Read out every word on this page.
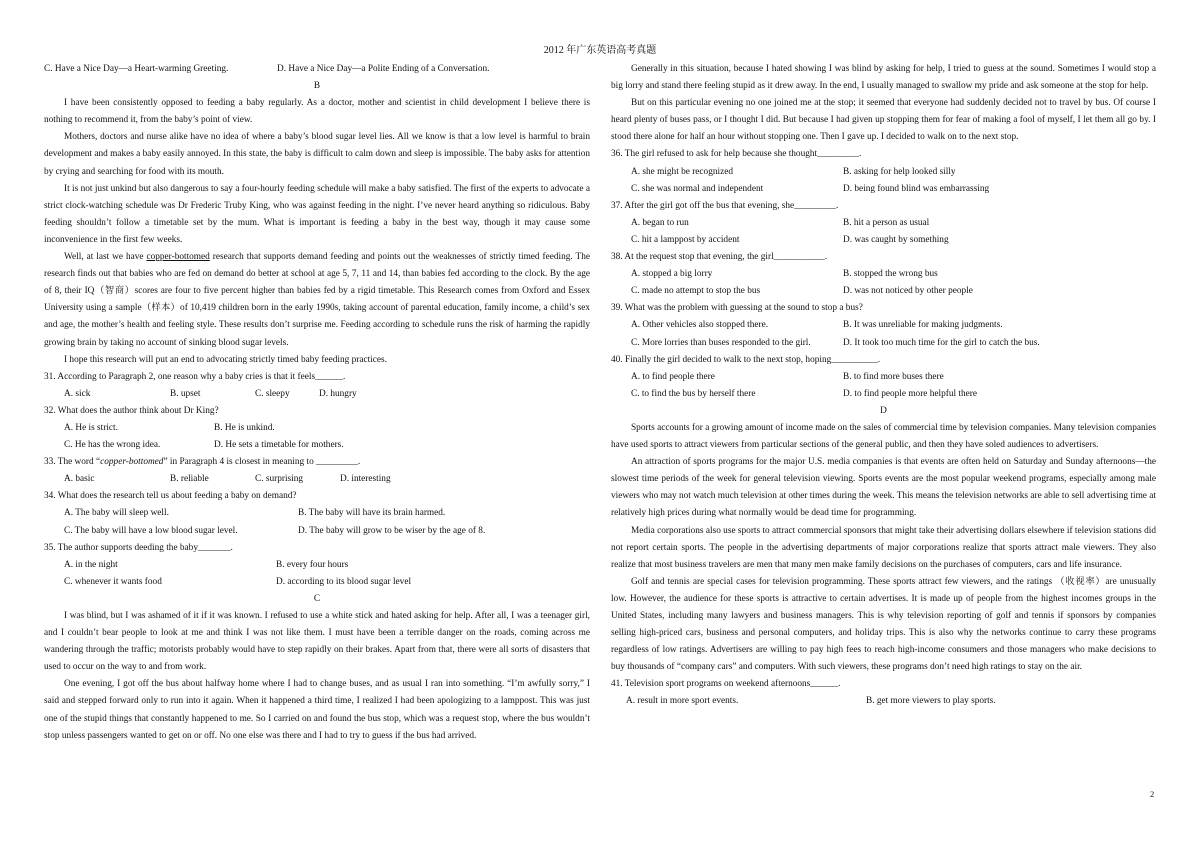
2012 年广东英语高考真题
C. Have a Nice Day—a Heart-warming Greeting.	D. Have a Nice Day—a Polite Ending of a Conversation.

B

I have been consistently opposed to feeding a baby regularly. As a doctor, mother and scientist in child development I believe there is nothing to recommend it, from the baby’s point of view.

Mothers, doctors and nurse alike have no idea of where a baby’s blood sugar level lies. All we know is that a low level is harmful to brain development and makes a baby easily annoyed. In this state, the baby is difficult to calm down and sleep is impossible. The baby asks for attention by crying and searching for food with its mouth.

It is not just unkind but also dangerous to say a four-hourly feeding schedule will make a baby satisfied. The first of the experts to advocate a strict clock-watching schedule was Dr Frederic Truby King, who was against feeding in the night. I’ve never heard anything so ridiculous. Baby feeding shouldn’t follow a timetable set by the mum. What is important is feeding a baby in the best way, though it may cause some inconvenience in the first few weeks.

Well, at last we have copper-bottomed research that supports demand feeding and points out the weaknesses of strictly timed feeding. The research finds out that babies who are fed on demand do better at school at age 5, 7, 11 and 14, than babies fed according to the clock. By the age of 8, their IQ（智商）scores are four to five percent higher than babies fed by a rigid timetable. This Research comes from Oxford and Essex University using a sample（样本）of 10,419 children born in the early 1990s, taking account of parental education, family income, a child’s sex and age, the mother’s health and feeling style. These results don’t surprise me. Feeding according to schedule runs the risk of harming the rapidly growing brain by taking no account of sinking blood sugar levels.

I hope this research will put an end to advocating strictly timed baby feeding practices.

31. According to Paragraph 2, one reason why a baby cries is that it feels______.

A. sick	B. upset	C. sleepy	D. hungry

32. What does the author think about Dr King?

A. He is strict.	B. He is unkind.
C. He has the wrong idea.	D. He sets a timetable for mothers.

33. The word “copper-bottomed” in Paragraph 4 is closest in meaning to _________.

A. basic	B. reliable	C. surprising	D. interesting

34. What does the research tell us about feeding a baby on demand?

A. The baby will sleep well.	B. The baby will have its brain harmed.
C. The baby will have a low blood sugar level.	D. The baby will grow to be wiser by the age of 8.

35. The author supports deeding the baby_______.

A. in the night	B. every four hours
C. whenever it wants food	D. according to its blood sugar level

C

I was blind, but I was ashamed of it if it was known. I refused to use a white stick and hated asking for help. After all, I was a teenager girl, and I couldn’t bear people to look at me and think I was not like them. I must have been a terrible danger on the roads, coming across me wandering through the traffic; motorists probably would have to step rapidly on their brakes. Apart from that, there were all sorts of disasters that used to occur on the way to and from work.

One evening, I got off the bus about halfway home where I had to change buses, and as usual I ran into something. “I’m awfully sorry,” I said and stepped forward only to run into it again. When it happened a third time, I realized I had been apologizing to a lamppost. This was just one of the stupid things that constantly happened to me. So I carried on and found the bus stop, which was a request stop, where the bus wouldn’t stop unless passengers wanted to get on or off. No one else was there and I had to try to guess if the bus had arrived.

Generally in this situation, because I hated showing I was blind by asking for help, I tried to guess at the sound. Sometimes I would stop a big lorry and stand there feeling stupid as it drew away. In the end, I usually managed to swallow my pride and ask someone at the stop for help.

But on this particular evening no one joined me at the stop; it seemed that everyone had suddenly decided not to travel by bus. Of course I heard plenty of buses pass, or I thought I did. But because I had given up stopping them for fear of making a fool of myself, I let them all go by. I stood there alone for half an hour without stopping one. Then I gave up. I decided to walk on to the next stop.

36. The girl refused to ask for help because she thought_________.

A. she might be recognized	B. asking for help looked silly
C. she was normal and independent	D. being found blind was embarrassing

37. After the girl got off the bus that evening, she_________.

A. began to run	B. hit a person as usual
C. hit a lamppost by accident	D. was caught by something

38. At the request stop that evening, the girl___________.

A. stopped a big lorry	B. stopped the wrong bus
C. made no attempt to stop the bus	D. was not noticed by other people

39. What was the problem with guessing at the sound to stop a bus?

A. Other vehicles also stopped there.	B. It was unreliable for making judgments.
C. More lorries than buses responded to the girl.	D. It took too much time for the girl to catch the bus.

40. Finally the girl decided to walk to the next stop, hoping__________.

A. to find people there	B. to find more buses there
C. to find the bus by herself there	D. to find people more helpful there

D

Sports accounts for a growing amount of income made on the sales of commercial time by television companies. Many television companies have used sports to attract viewers from particular sections of the general public, and then they have soled audiences to advertisers.

An attraction of sports programs for the major U.S. media companies is that events are often held on Saturday and Sunday afternoons—the slowest time periods of the week for general television viewing. Sports events are the most popular weekend programs, especially among male viewers who may not watch much television at other times during the week. This means the television networks are able to sell advertising time at relatively high prices during what normally would be dead time for programming.

Media corporations also use sports to attract commercial sponsors that might take their advertising dollars elsewhere if television stations did not report certain sports. The people in the advertising departments of major corporations realize that sports attract male viewers. They also realize that most business travelers are men that many men make family decisions on the purchases of computers, cars and life insurance.

Golf and tennis are special cases for television programming. These sports attract few viewers, and the ratings （收视率）are unusually low. However, the audience for these sports is attractive to certain advertises. It is made up of people from the highest incomes groups in the United States, including many lawyers and business managers. This is why television reporting of golf and tennis if sponsors by companies selling high-priced cars, business and personal computers, and holiday trips. This is also why the networks continue to carry these programs regardless of low ratings. Advertisers are willing to pay high fees to reach high-income consumers and those managers who make decisions to buy thousands of “company cars” and computers. With such viewers, these programs don’t need high ratings to stay on the air.

41. Television sport programs on weekend afternoons______.

A. result in more sport events.	B. get more viewers to play sports.
2
